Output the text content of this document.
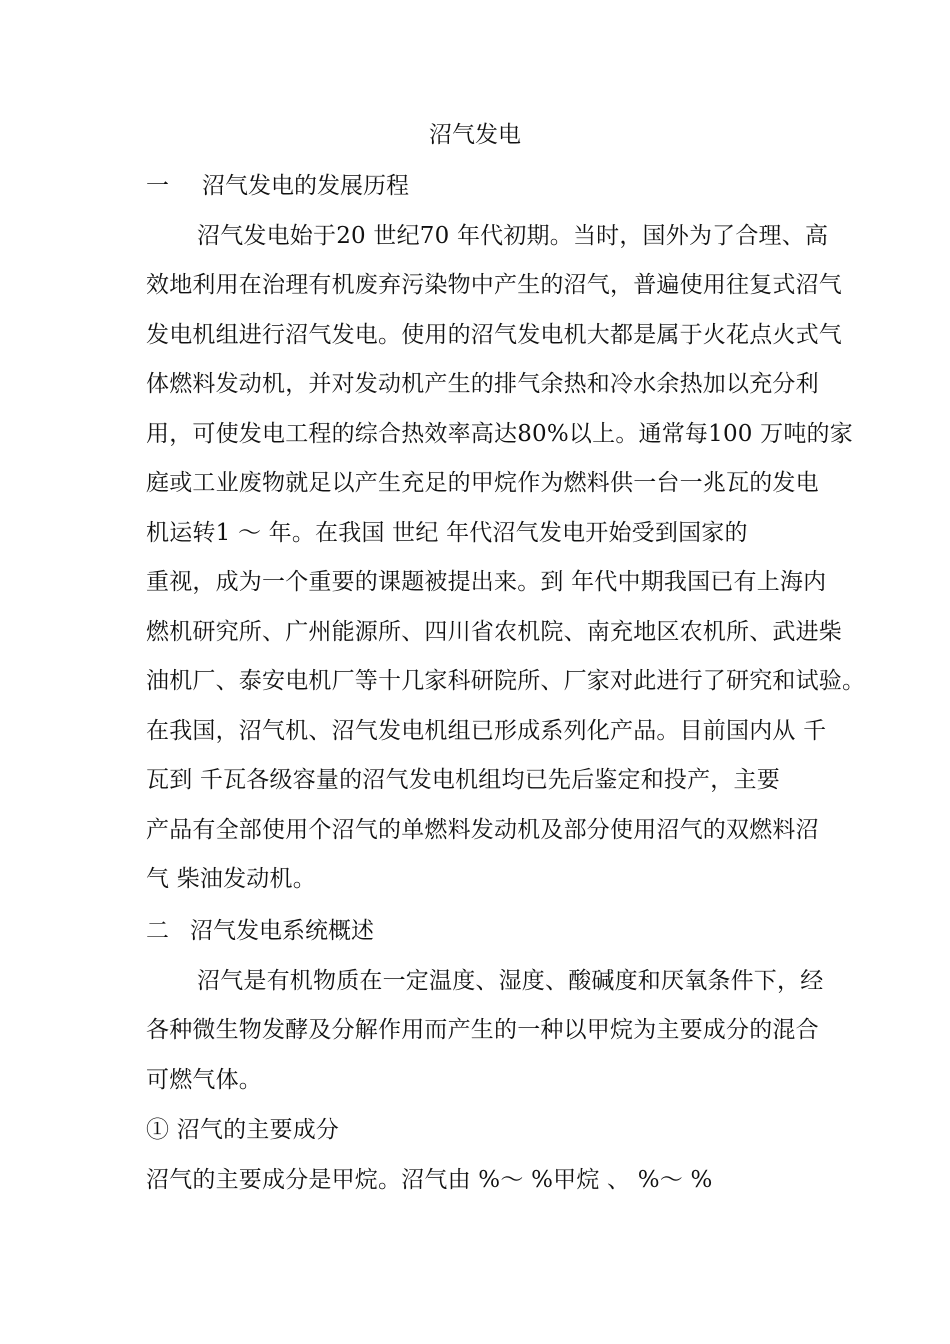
沼气发电
一 沼气发电的发展历程
沼气发电始于20 世纪70 年代初期。当时，国外为了合理、高
效地利用在治理有机废弃污染物中产生的沼气，普遍使用往复式沼气
发电机组进行沼气发电。使用的沼气发电机大都是属于火花点火式气
体燃料发动机，并对发动机产生的排气余热和冷水余热加以充分利
用，可使发电工程的综合热效率高达80%以上。通常每100 万吨的家
庭或工业废物就足以产生充足的甲烷作为燃料供一台一兆瓦的发电
机运转1 ～ 年。在我国 世纪 年代沼气发电开始受到国家的
重视，成为一个重要的课题被提出来。到 年代中期我国已有上海内
燃机研究所、广州能源所、四川省农机院、南充地区农机所、武进柴
油机厂、泰安电机厂等十几家科研院所、厂家对此进行了研究和试验。
在我国，沼气机、沼气发电机组已形成系列化产品。目前国内从 千
瓦到 千瓦各级容量的沼气发电机组均已先后鉴定和投产，主要
产品有全部使用个沼气的单燃料发动机及部分使用沼气的双燃料沼
气 柴油发动机。
二 沼气发电系统概述
沼气是有机物质在一定温度、湿度、酸碱度和厌氧条件下，经
各种微生物发酵及分解作用而产生的一种以甲烷为主要成分的混合
可燃气体。
① 沼气的主要成分
沼气的主要成分是甲烷。沼气由 %～ %甲烷 、 %～ %
